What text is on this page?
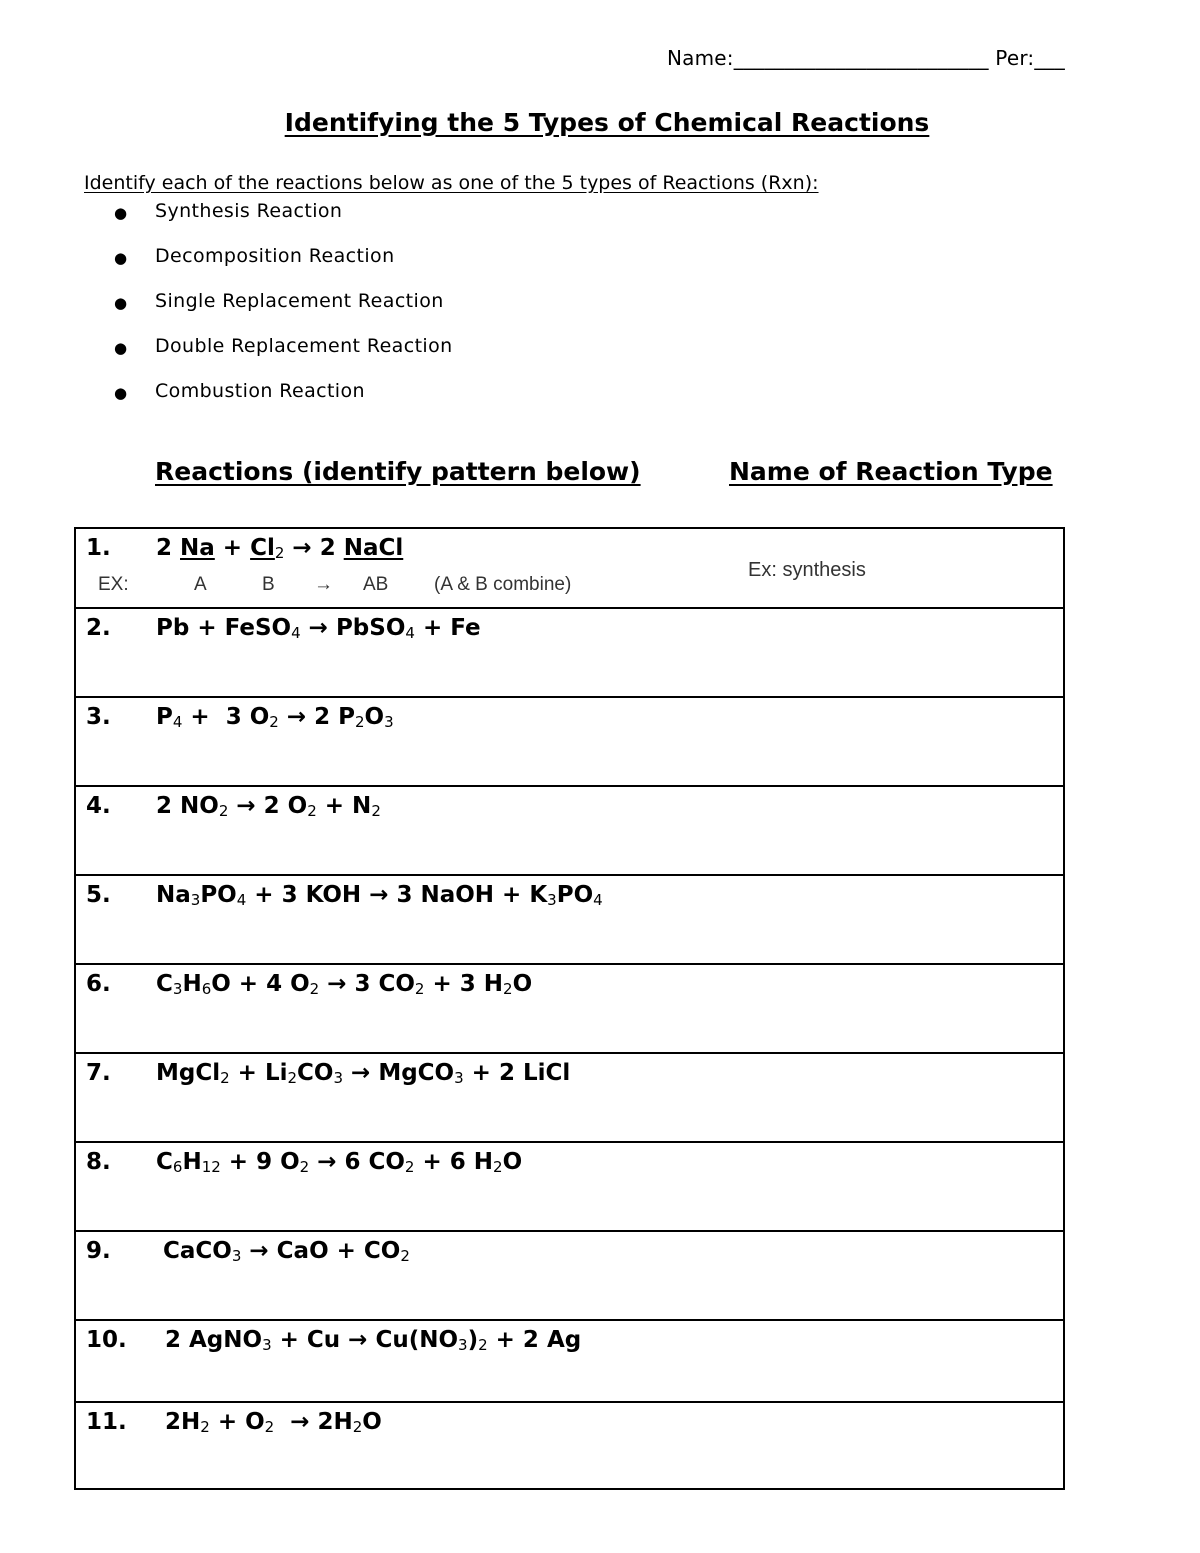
Name:_________________________ Per:___
Identifying the 5 Types of Chemical Reactions
Identify each of the reactions below as one of the 5 types of Reactions (Rxn):
●	Synthesis Reaction
●	Decomposition Reaction
●	Single Replacement Reaction
●	Double Replacement Reaction
●	Combustion Reaction
Reactions (identify pattern below)	Name of Reaction Type
1. 2 $Na + Cl_2 \to 2$ NaCl
EX:	A	B → AB (A & B combine)
Ex: synthesis
2. Pb + FeSO$_4$ → PbSO$_4$ + Fe
3. $P_4 + 3$ $O_2 \to 2$ $P_2O_3$
4. 2 $NO_2 \to 2$ $O_2 + N_2$
5. $Na_3PO_4 + 3$ KOH → 3 NaOH + $K_3PO_4$
6. $C_3H_6O + 4$ $O_2 \to 3$ $CO_2 + 3$ $H_2O$
7. MgCl$_2$ + $Li_2CO_3$ → MgCO$_3$ + 2 LiCl
8. $C_6H_{12} + 9$ $O_2 \to 6$ $CO_2 + 6$ $H_2O$
9. CaCO$_3$ → CaO + $CO_2$
10. 2 AgNO$_3$ + $Cu \to Cu(NO_3)_2 + 2$ Ag
11. $2H_2 + O_2 \to 2H_2O$
